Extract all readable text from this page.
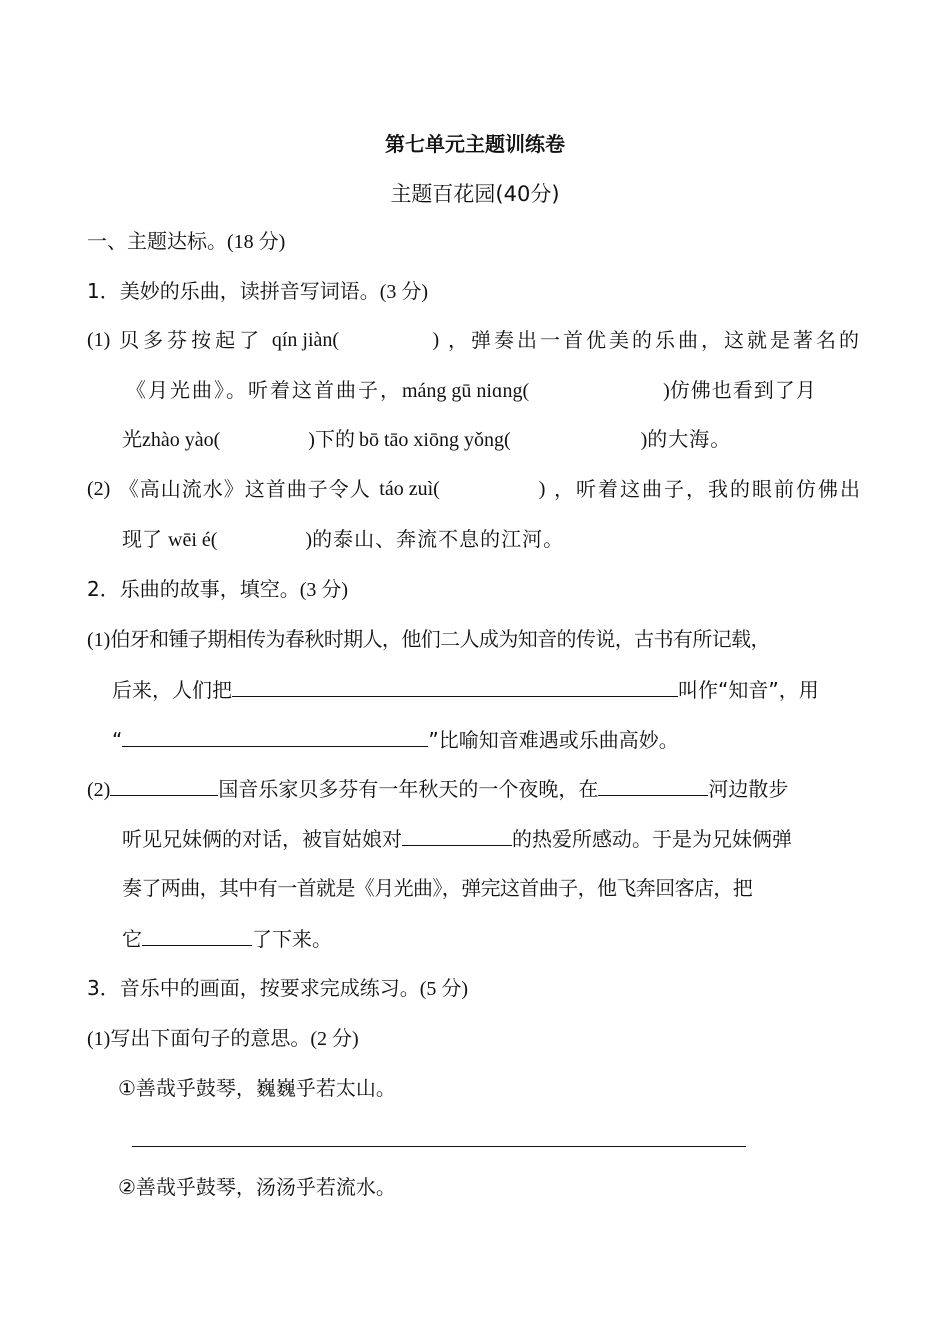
第七单元主题训练卷
主题百花园(40分)
一、主题达标。(18 分)
1．美妙的乐曲，读拼音写词语。(3 分)
(1) 贝多芬按起了 qín jiàn(	) ，弹奏出一首优美的乐曲，这就是著名的
《月光曲》。听着这首曲子，máng gū niɑng(	)仿佛也看到了月
光zhào yào(	)下的 bō tāo xiōng yǒng(	)的大海。
(2) 《高山流水》这首曲子令人 táo zuì(	) ，听着这曲子，我的眼前仿佛出
现了 wēi é(	)的泰山、奔流不息的江河。
2．乐曲的故事，填空。(3 分)
(1)伯牙和锺子期相传为春秋时期人，他们二人成为知音的传说，古书有所记载，
后来，人们把	叫作“知音”，用
“	”比喻知音难遇或乐曲高妙。
(2)	国音乐家贝多芬有一年秋天的一个夜晚，在	河边散步
听见兄妹俩的对话，被盲姑娘对	的热爱所感动。于是为兄妹俩弹
奏了两曲，其中有一首就是《月光曲》，弹完这首曲子，他飞奔回客店，把
它	了下来。
3．音乐中的画面，按要求完成练习。(5 分)
(1)写出下面句子的意思。(2 分)
①善哉乎鼓琴，巍巍乎若太山。
②善哉乎鼓琴，汤汤乎若流水。
